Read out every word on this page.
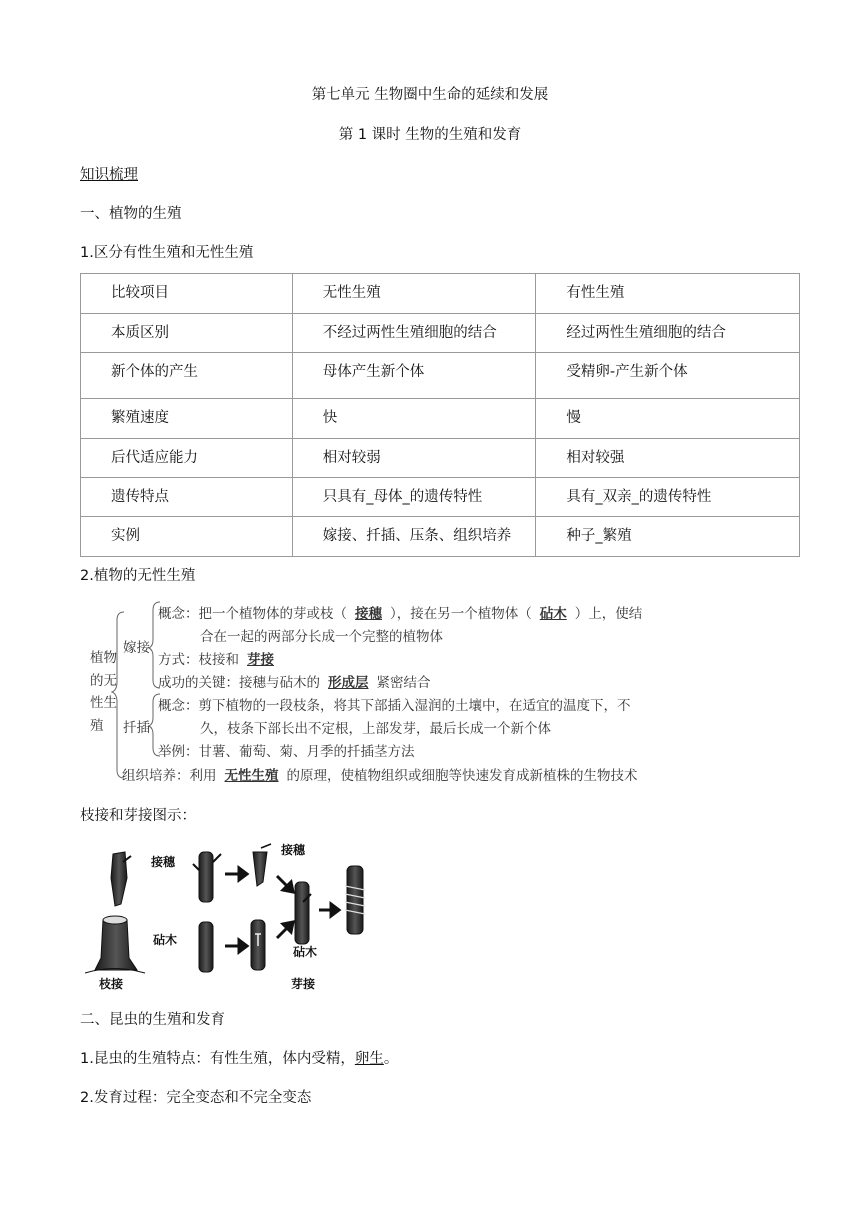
第七单元 生物圈中生命的延续和发展
第 1 课时 生物的生殖和发育
知识梳理
一、植物的生殖
1.区分有性生殖和无性生殖
比较项目	无性生殖	有性生殖
本质区别	不经过两性生殖细胞的结合	经过两性生殖细胞的结合
新个体的产生	母体产生新个体	受精卵-产生新个体
繁殖速度	快	慢
后代适应能力	相对较弱	相对较强
遗传特点	只具有_母体_的遗传特性	具有_双亲_的遗传特性
实例	嫁接、扦插、压条、组织培养	种子_繁殖
2.植物的无性生殖
植物
的无
性生
殖
嫁接
概念：把一个植物体的芽或枝（ 接穗 ），接在另一个植物体（ 砧木 ）上，使结
合在一起的两部分长成一个完整的植物体
方式：枝接和 芽接
成功的关键：接穗与砧木的 形成层 紧密结合
扦插
概念：剪下植物的一段枝条，将其下部插入湿润的土壤中，在适宜的温度下，不
久，枝条下部长出不定根，上部发芽，最后长成一个新个体
举例：甘薯、葡萄、菊、月季的扦插茎方法
组织培养：利用 无性生殖 的原理，使植物组织或细胞等快速发育成新植株的生物技术
枝接和芽接图示：
接穗
接穗
砧木
砧木
枝接	芽接
二、昆虫的生殖和发育
1.昆虫的生殖特点：有性生殖，体内受精，卵生。
2.发育过程：完全变态和不完全变态
